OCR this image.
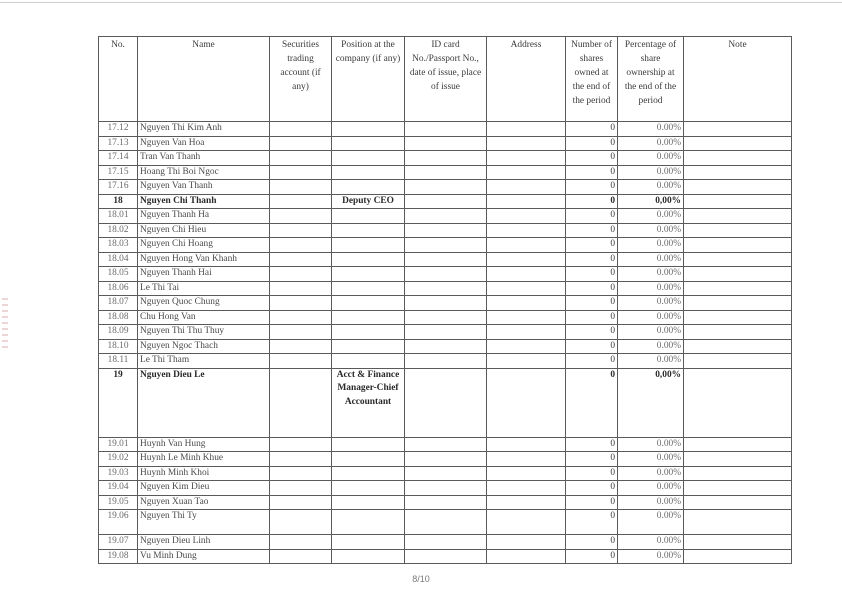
No.	Name	Securities trading account (if any)	Position at the company (if any)	ID card No./Passport No., date of issue, place of issue	Address	Number of shares owned at the end of the period	Percentage of share ownership at the end of the period	Note
17.12	Nguyen Thi Kim Anh					0	0.00%	
17.13	Nguyen Van Hoa					0	0.00%	
17.14	Tran Van Thanh					0	0.00%	
17.15	Hoang Thi Boi Ngoc					0	0.00%	
17.16	Nguyen Van Thanh					0	0.00%	
18	Nguyen Chi Thanh		Deputy CEO			0	0,00%	
18.01	Nguyen Thanh Ha					0	0.00%	
18.02	Nguyen Chi Hieu					0	0.00%	
18.03	Nguyen Chi Hoang					0	0.00%	
18.04	Nguyen Hong Van Khanh					0	0.00%	
18.05	Nguyen Thanh Hai					0	0.00%	
18.06	Le Thi Tai					0	0.00%	
18.07	Nguyen Quoc Chung					0	0.00%	
18.08	Chu Hong Van					0	0.00%	
18.09	Nguyen Thi Thu Thuy					0	0.00%	
18.10	Nguyen Ngoc Thach					0	0.00%	
18.11	Le Thi Tham					0	0.00%	
19	Nguyen Dieu Le		Acct & Finance Manager-Chief Accountant			0	0,00%	
19.01	Huynh Van Hung					0	0.00%	
19.02	Huynh Le Minh Khue					0	0.00%	
19.03	Huynh Minh Khoi					0	0.00%	
19.04	Nguyen Kim Dieu					0	0.00%	
19.05	Nguyen Xuan Tao					0	0.00%	
19.06	Nguyen Thi Ty					0	0.00%	
19.07	Nguyen Dieu Linh					0	0.00%	
19.08	Vu Minh Dung					0	0.00%	
8/10
